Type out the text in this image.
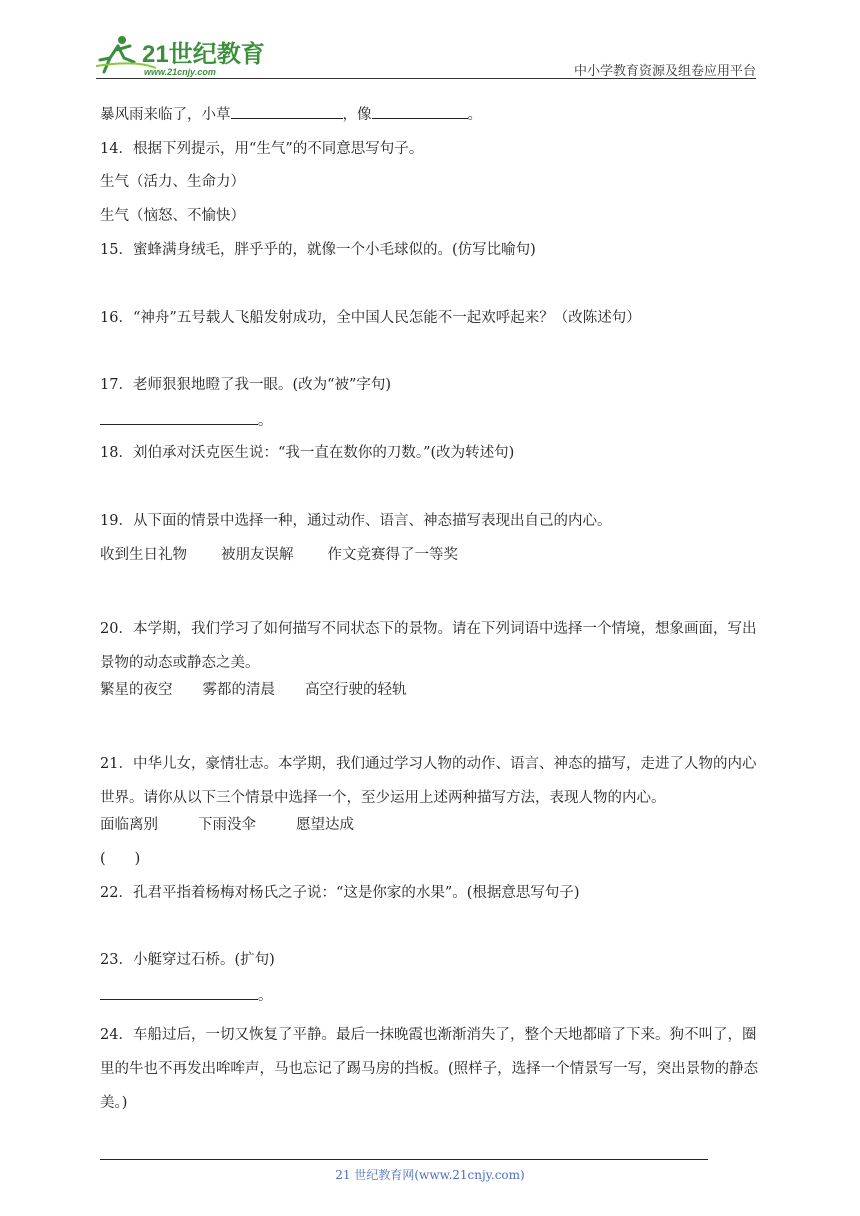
21世纪教育
www.21cnjy.com	中小学教育资源及组卷应用平台
暴风雨来临了，小草	，像	。
14．根据下列提示，用“生气”的不同意思写句子。
生气（活力、生命力）
生气（恼怒、不愉快）
15．蜜蜂满身绒毛，胖乎乎的，就像一个小毛球似的。(仿写比喻句)
16．“神舟”五号载人飞船发射成功，全中国人民怎能不一起欢呼起来？（改陈述句）
17．老师狠狠地瞪了我一眼。(改为“被”字句)
。
18．刘伯承对沃克医生说：“我一直在数你的刀数。”(改为转述句)
19．从下面的情景中选择一种，通过动作、语言、神态描写表现出自己的内心。
收到生日礼物 被朋友误解 作文竞赛得了一等奖
20．本学期，我们学习了如何描写不同状态下的景物。请在下列词语中选择一个情境，想象画面，写出景物的动态或静态之美。
繁星的夜空 雾都的清晨 高空行驶的轻轨
21．中华儿女，豪情壮志。本学期，我们通过学习人物的动作、语言、神态的描写，走进了人物的内心世界。请你从以下三个情景中选择一个，至少运用上述两种描写方法，表现人物的内心。
面临离别	下雨没伞	愿望达成
(　　)
22．孔君平指着杨梅对杨氏之子说：“这是你家的水果”。(根据意思写句子)
23．小艇穿过石桥。(扩句)
。
24．车船过后，一切又恢复了平静。最后一抹晚霞也渐渐消失了，整个天地都暗了下来。狗不叫了，圈里的牛也不再发出哞哞声，马也忘记了踢马房的挡板。(照样子，选择一个情景写一写，突出景物的静态美。)
21 世纪教育网(www.21cnjy.com)
